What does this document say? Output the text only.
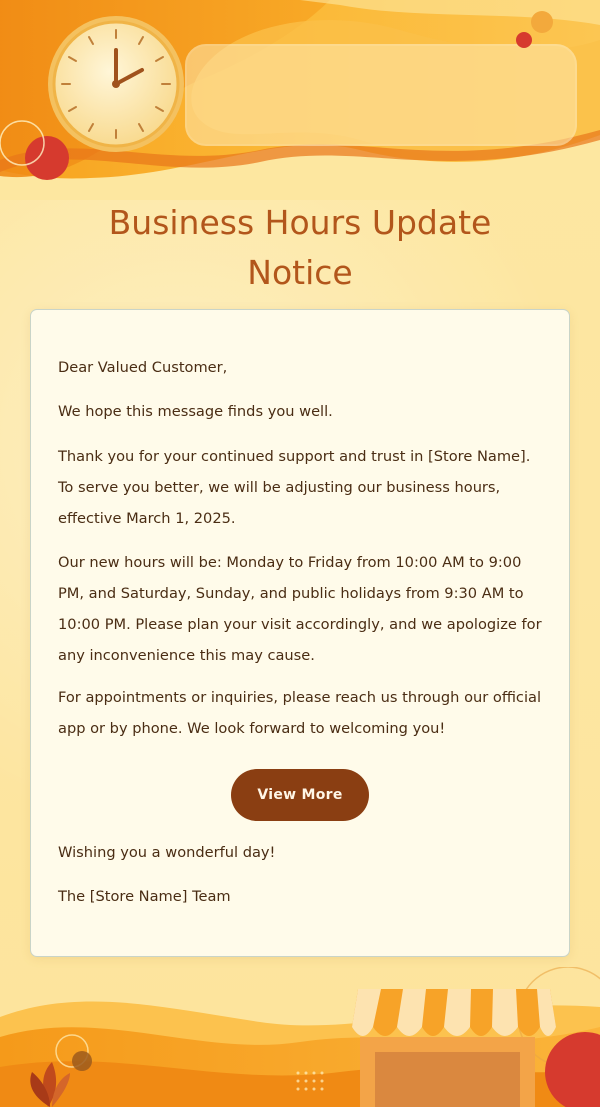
Business Hours Update
Notice

Dear Valued Customer,

We hope this message finds you well.

Thank you for your continued support and trust in [Store Name]. To serve you better, we will be adjusting our business hours, effective March 1, 2025.

Our new hours will be: Monday to Friday from 10:00 AM to 9:00 PM, and Saturday, Sunday, and public holidays from 9:30 AM to 10:00 PM. Please plan your visit accordingly, and we apologize for any inconvenience this may cause.

For appointments or inquiries, please reach us through our official app or by phone. We look forward to welcoming you!

View More

Wishing you a wonderful day!

The [Store Name] Team
